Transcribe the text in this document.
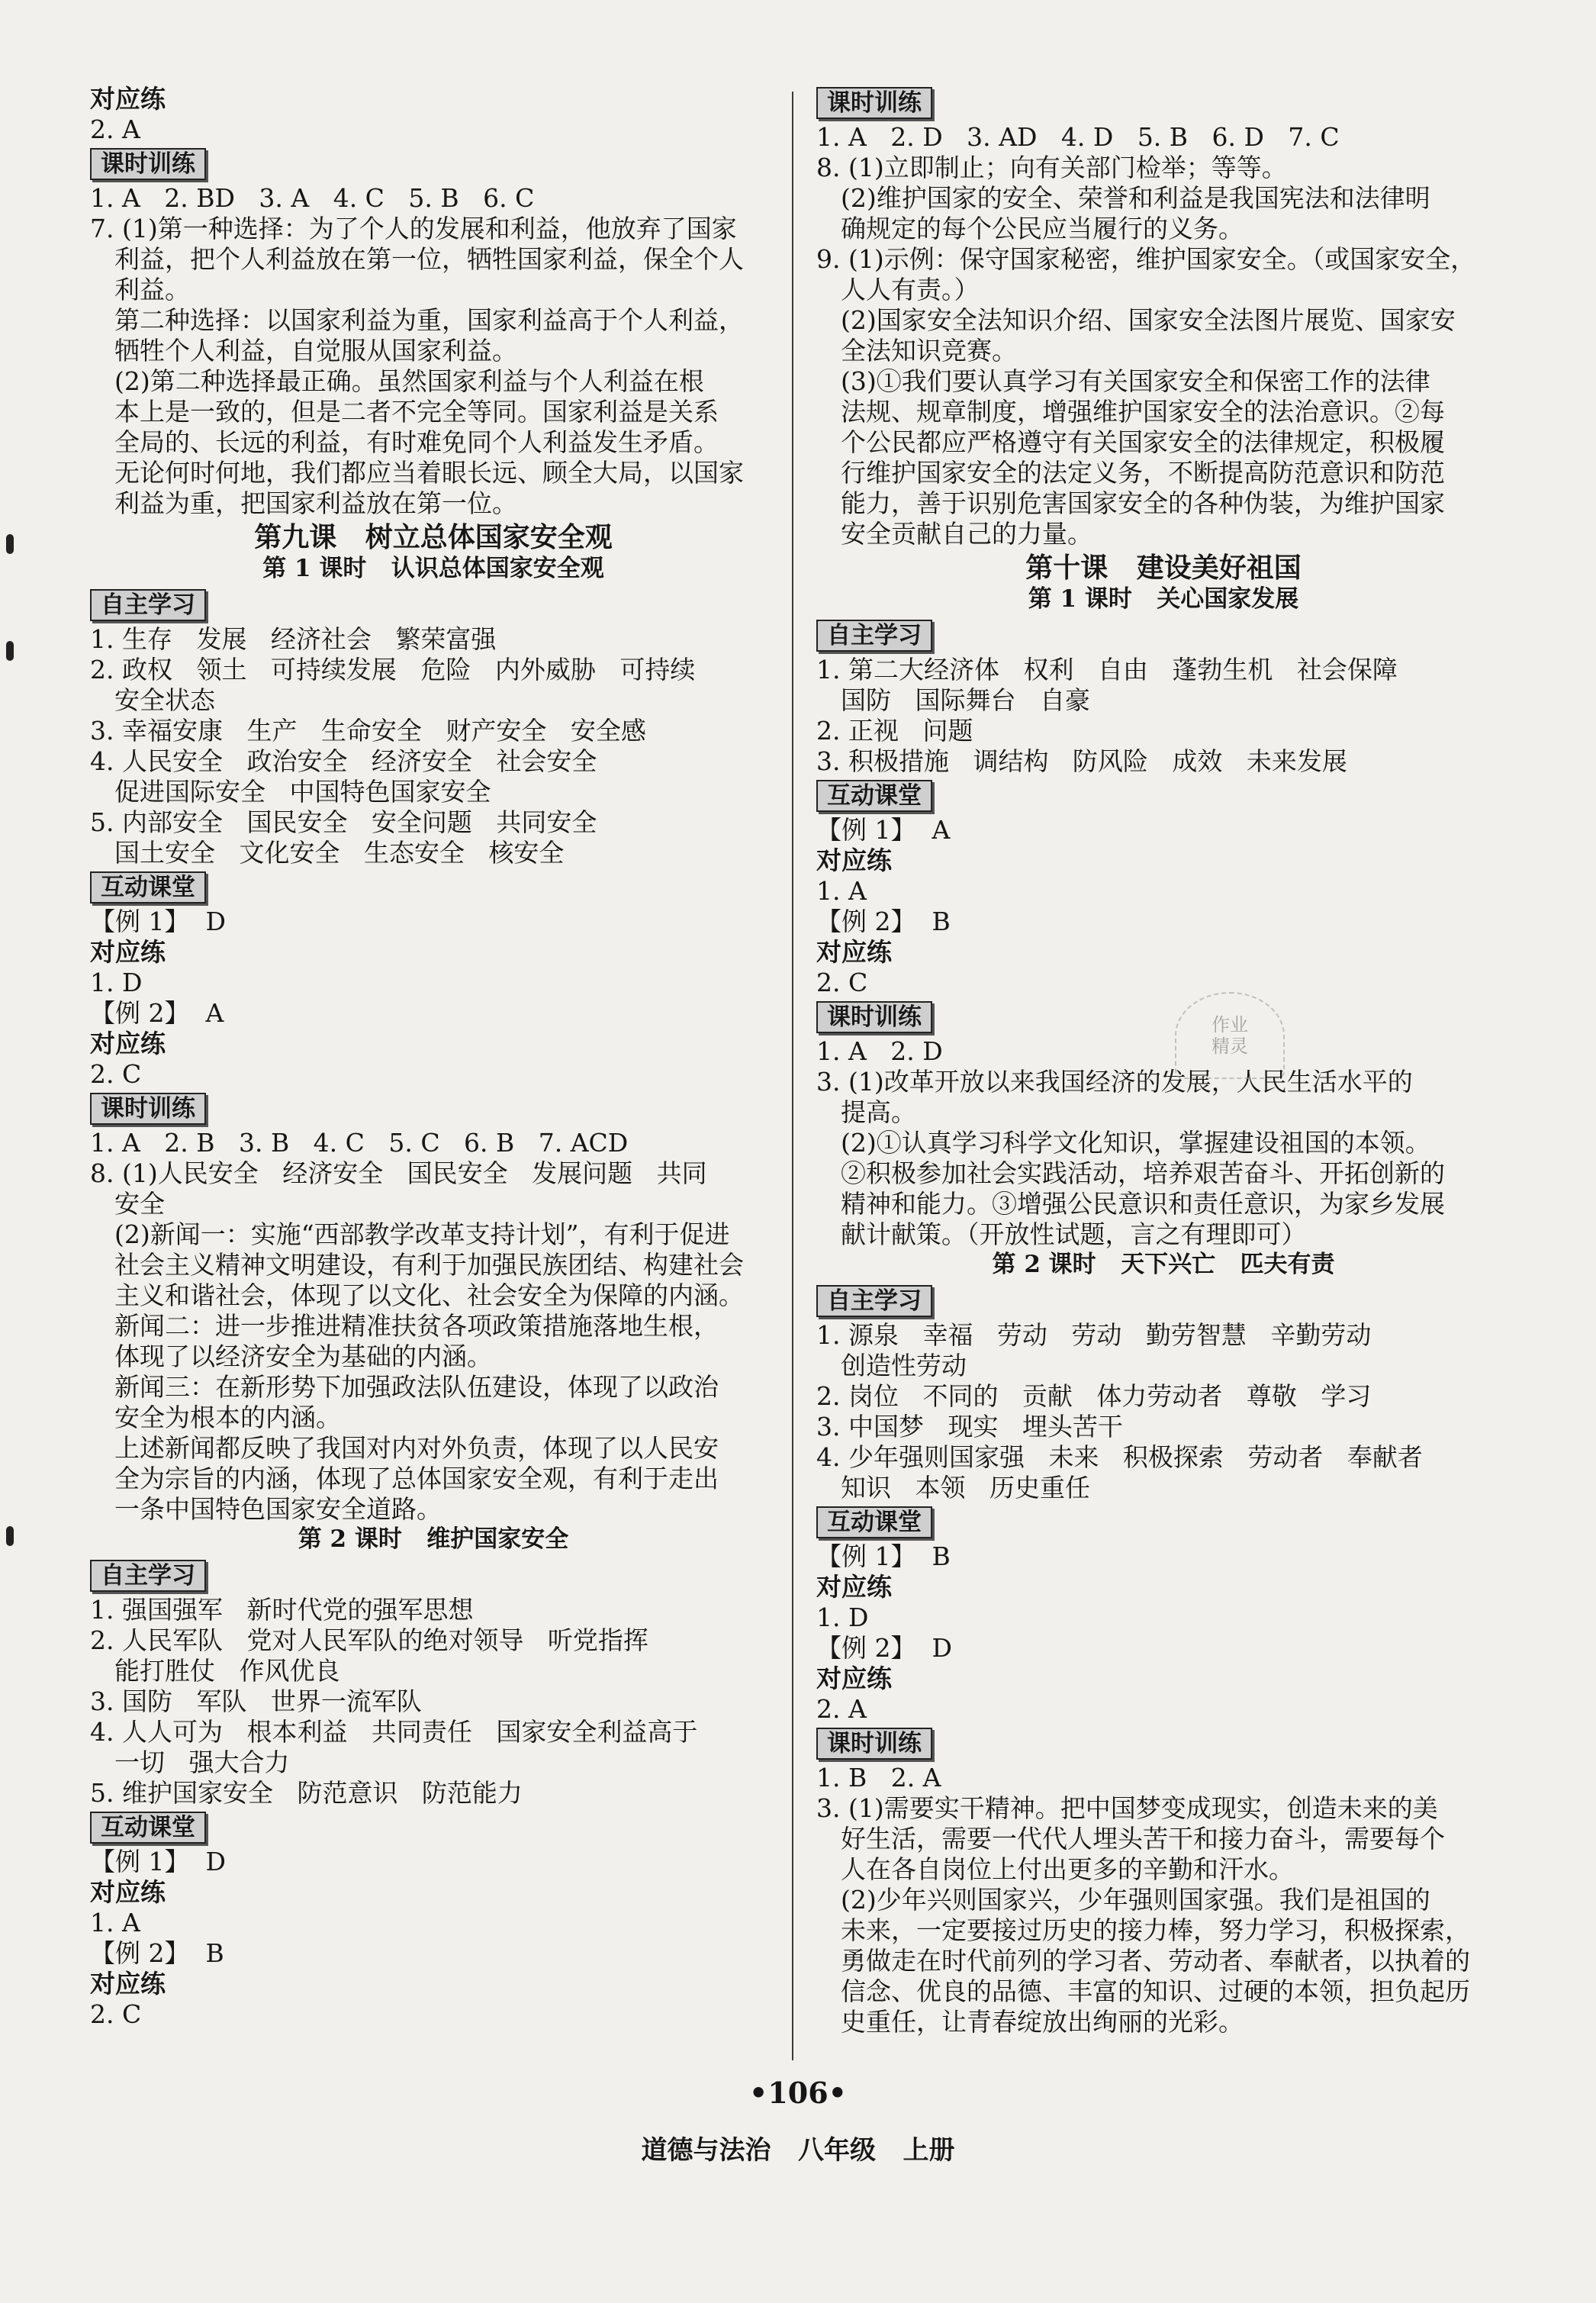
对应练
2. A
课时训练
1. A   2. BD   3. A   4. C   5. B   6. C
7. (1)第一种选择：为了个人的发展和利益，他放弃了国家
利益，把个人利益放在第一位，牺牲国家利益，保全个人
利益。
第二种选择：以国家利益为重，国家利益高于个人利益，
牺牲个人利益，自觉服从国家利益。
(2)第二种选择最正确。虽然国家利益与个人利益在根
本上是一致的，但是二者不完全等同。国家利益是关系
全局的、长远的利益，有时难免同个人利益发生矛盾。
无论何时何地，我们都应当着眼长远、顾全大局，以国家
利益为重，把国家利益放在第一位。
第九课   树立总体国家安全观
第 1 课时   认识总体国家安全观
自主学习
1. 生存   发展   经济社会   繁荣富强
2. 政权   领土   可持续发展   危险   内外威胁   可持续
安全状态
3. 幸福安康   生产   生命安全   财产安全   安全感
4. 人民安全   政治安全   经济安全   社会安全
促进国际安全   中国特色国家安全
5. 内部安全   国民安全   安全问题   共同安全
国土安全   文化安全   生态安全   核安全
互动课堂
【例 1】  D
对应练
1. D
【例 2】  A
对应练
2. C
课时训练
1. A   2. B   3. B   4. C   5. C   6. B   7. ACD
8. (1)人民安全   经济安全   国民安全   发展问题   共同
安全
(2)新闻一：实施“西部教学改革支持计划”，有利于促进
社会主义精神文明建设，有利于加强民族团结、构建社会
主义和谐社会，体现了以文化、社会安全为保障的内涵。
新闻二：进一步推进精准扶贫各项政策措施落地生根，
体现了以经济安全为基础的内涵。
新闻三：在新形势下加强政法队伍建设，体现了以政治
安全为根本的内涵。
上述新闻都反映了我国对内对外负责，体现了以人民安
全为宗旨的内涵，体现了总体国家安全观，有利于走出
一条中国特色国家安全道路。
第 2 课时   维护国家安全
自主学习
1. 强国强军   新时代党的强军思想
2. 人民军队   党对人民军队的绝对领导   听党指挥
能打胜仗   作风优良
3. 国防   军队   世界一流军队
4. 人人可为   根本利益   共同责任   国家安全利益高于
一切   强大合力
5. 维护国家安全   防范意识   防范能力
互动课堂
【例 1】  D
对应练
1. A
【例 2】  B
对应练
2. C
课时训练
1. A   2. D   3. AD   4. D   5. B   6. D   7. C
8. (1)立即制止；向有关部门检举；等等。
(2)维护国家的安全、荣誉和利益是我国宪法和法律明
确规定的每个公民应当履行的义务。
9. (1)示例：保守国家秘密，维护国家安全。（或国家安全，
人人有责。）
(2)国家安全法知识介绍、国家安全法图片展览、国家安
全法知识竞赛。
(3)①我们要认真学习有关国家安全和保密工作的法律
法规、规章制度，增强维护国家安全的法治意识。②每
个公民都应严格遵守有关国家安全的法律规定，积极履
行维护国家安全的法定义务，不断提高防范意识和防范
能力，善于识别危害国家安全的各种伪装，为维护国家
安全贡献自己的力量。
第十课   建设美好祖国
第 1 课时   关心国家发展
自主学习
1. 第二大经济体   权利   自由   蓬勃生机   社会保障
国防   国际舞台   自豪
2. 正视   问题
3. 积极措施   调结构   防风险   成效   未来发展
互动课堂
【例 1】  A
对应练
1. A
【例 2】  B
对应练
2. C
课时训练
1. A   2. D
3. (1)改革开放以来我国经济的发展，人民生活水平的
提高。
(2)①认真学习科学文化知识，掌握建设祖国的本领。
②积极参加社会实践活动，培养艰苦奋斗、开拓创新的
精神和能力。③增强公民意识和责任意识，为家乡发展
献计献策。（开放性试题，言之有理即可）
第 2 课时   天下兴亡   匹夫有责
自主学习
1. 源泉   幸福   劳动   劳动   勤劳智慧   辛勤劳动
创造性劳动
2. 岗位   不同的   贡献   体力劳动者   尊敬   学习
3. 中国梦   现实   埋头苦干
4. 少年强则国家强   未来   积极探索   劳动者   奉献者
知识   本领   历史重任
互动课堂
【例 1】  B
对应练
1. D
【例 2】  D
对应练
2. A
课时训练
1. B   2. A
3. (1)需要实干精神。把中国梦变成现实，创造未来的美
好生活，需要一代代人埋头苦干和接力奋斗，需要每个
人在各自岗位上付出更多的辛勤和汗水。
(2)少年兴则国家兴，少年强则国家强。我们是祖国的
未来，一定要接过历史的接力棒，努力学习，积极探索，
勇做走在时代前列的学习者、劳动者、奉献者，以执着的
信念、优良的品德、丰富的知识、过硬的本领，担负起历
史重任，让青春绽放出绚丽的光彩。
作业
精灵
•106•
道德与法治   八年级   上册
